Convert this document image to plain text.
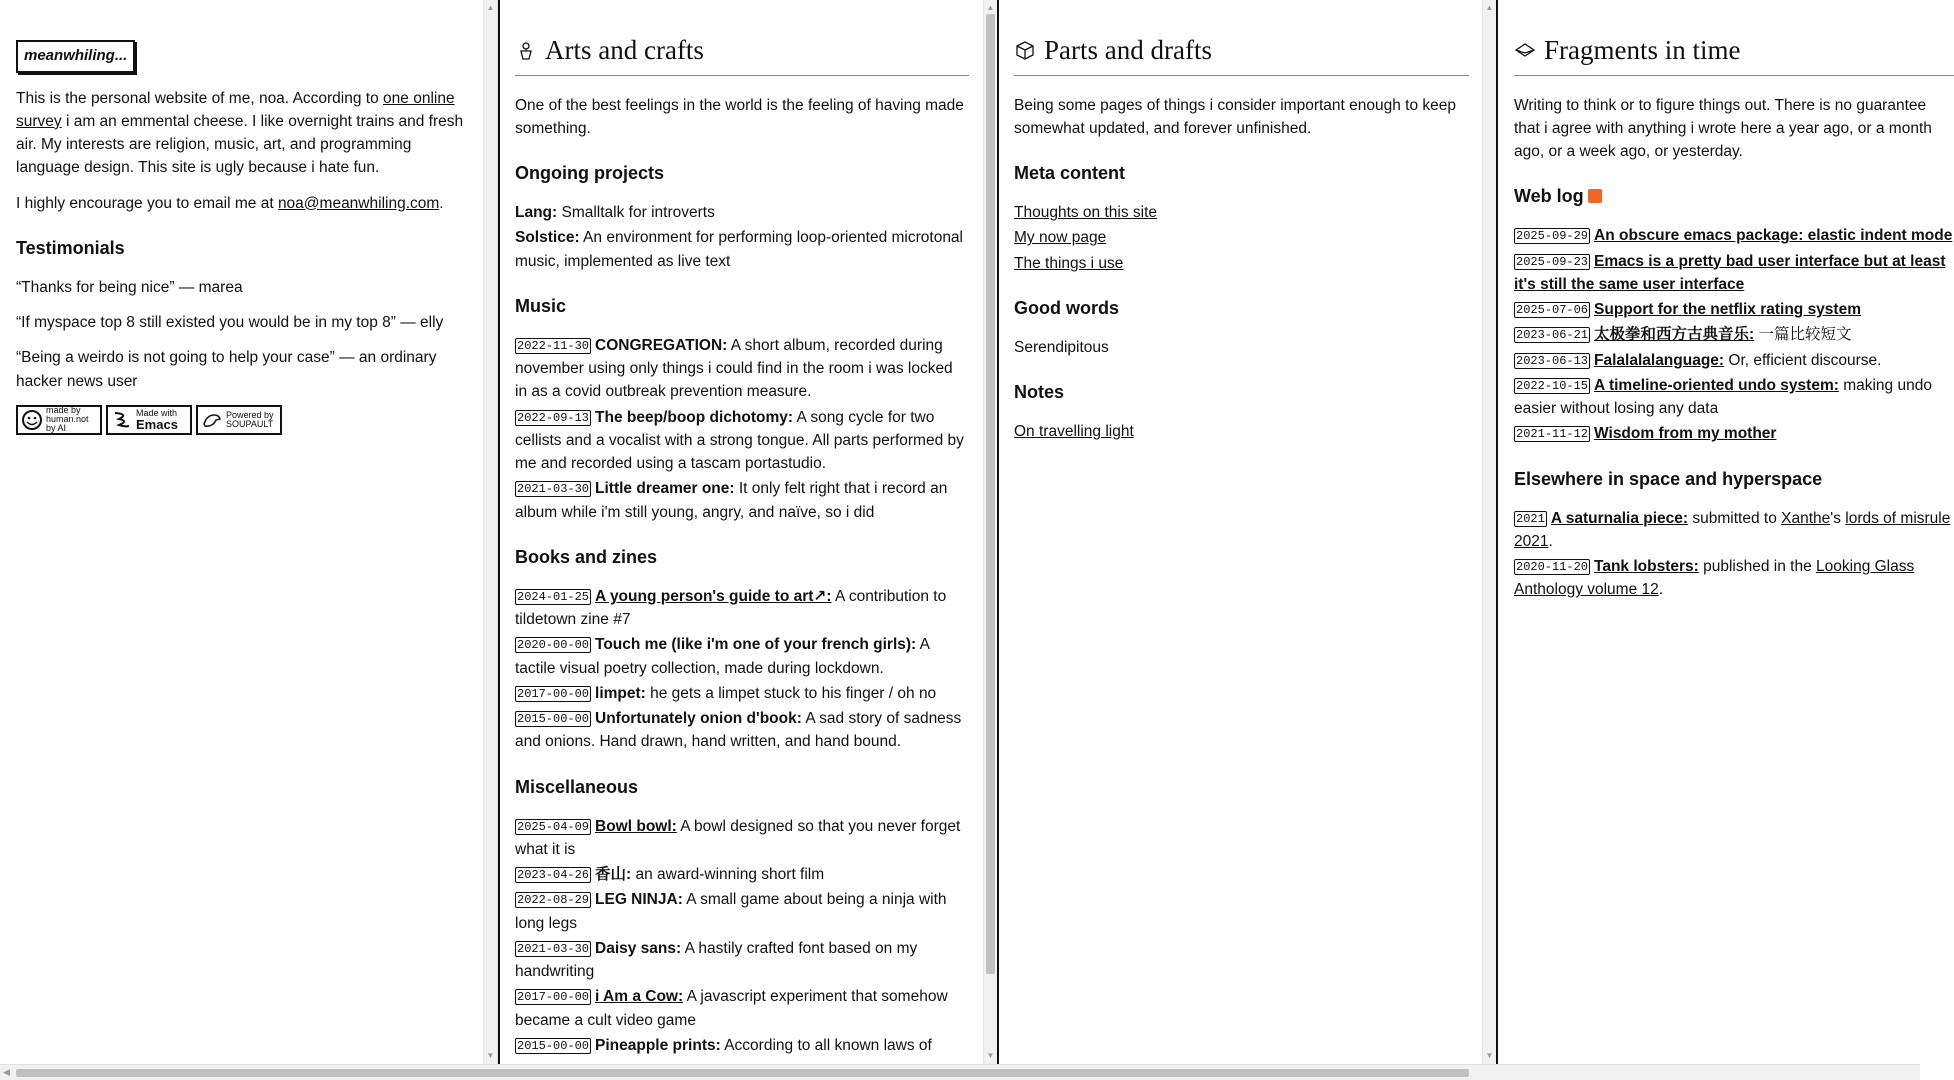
meanwhiling...

This is the personal website of me, noa. According to one online survey i am an emmental cheese. I like overnight trains and fresh air. My interests are religion, music, art, and programming language design. This site is ugly because i hate fun.

I highly encourage you to email me at noa@meanwhiling.com.

Testimonials

“Thanks for being nice” — marea

“If myspace top 8 still existed you would be in my top 8” — elly

“Being a weirdo is not going to help your case” — an ordinary hacker news user

made by
human.not by AI
Made with
Emacs
Powered by
SOUPAULT
▲
▼
Arts and crafts

One of the best feelings in the world is the feeling of having made something.

Ongoing projects
Lang: Smalltalk for introverts
Solstice: An environment for performing loop-oriented microtonal music, implemented as live text
Music
2022-11-30 CONGREGATION: A short album, recorded during november using only things i could find in the room i was locked in as a covid outbreak prevention measure.
2022-09-13 The beep/boop dichotomy: A song cycle for two cellists and a vocalist with a strong tongue. All parts performed by me and recorded using a tascam portastudio.
2021-03-30 Little dreamer one: It only felt right that i record an album while i'm still young, angry, and naïve, so i did
Books and zines
2024-01-25 A young person's guide to art↗: A contribution to tildetown zine #7
2020-00-00 Touch me (like i'm one of your french girls): A tactile visual poetry collection, made during lockdown.
2017-00-00 limpet: he gets a limpet stuck to his finger / oh no
2015-00-00 Unfortunately onion d'book: A sad story of sadness and onions. Hand drawn, hand written, and hand bound.
Miscellaneous
2025-04-09 Bowl bowl: A bowl designed so that you never forget what it is
2023-04-26 香山: an award-winning short film
2022-08-29 LEG NINJA: A small game about being a ninja with long legs
2021-03-30 Daisy sans: A hastily crafted font based on my handwriting
2017-00-00 i Am a Cow: A javascript experiment that somehow became a cult video game
2015-00-00 Pineapple prints: According to all known laws of
▲
▼
Parts and drafts

Being some pages of things i consider important enough to keep somewhat updated, and forever unfinished.

Meta content
Thoughts on this site
My now page
The things i use
Good words

Serendipitous

Notes
On travelling light
▲
▼
Fragments in time

Writing to think or to figure things out. There is no guarantee that i agree with anything i wrote here a year ago, or a month ago, or a week ago, or yesterday.

Web log
2025-09-29 An obscure emacs package: elastic indent mode
2025-09-23 Emacs is a pretty bad user interface but at least it's still the same user interface
2025-07-06 Support for the netflix rating system
2023-06-21 太极拳和西方古典音乐: 一篇比较短文
2023-06-13 Falalalalanguage: Or, efficient discourse.
2022-10-15 A timeline-oriented undo system: making undo easier without losing any data
2021-11-12 Wisdom from my mother
Elsewhere in space and hyperspace
2021 A saturnalia piece: submitted to Xanthe's lords of misrule 2021.
2020-11-20 Tank lobsters: published in the Looking Glass Anthology volume 12.
◀
